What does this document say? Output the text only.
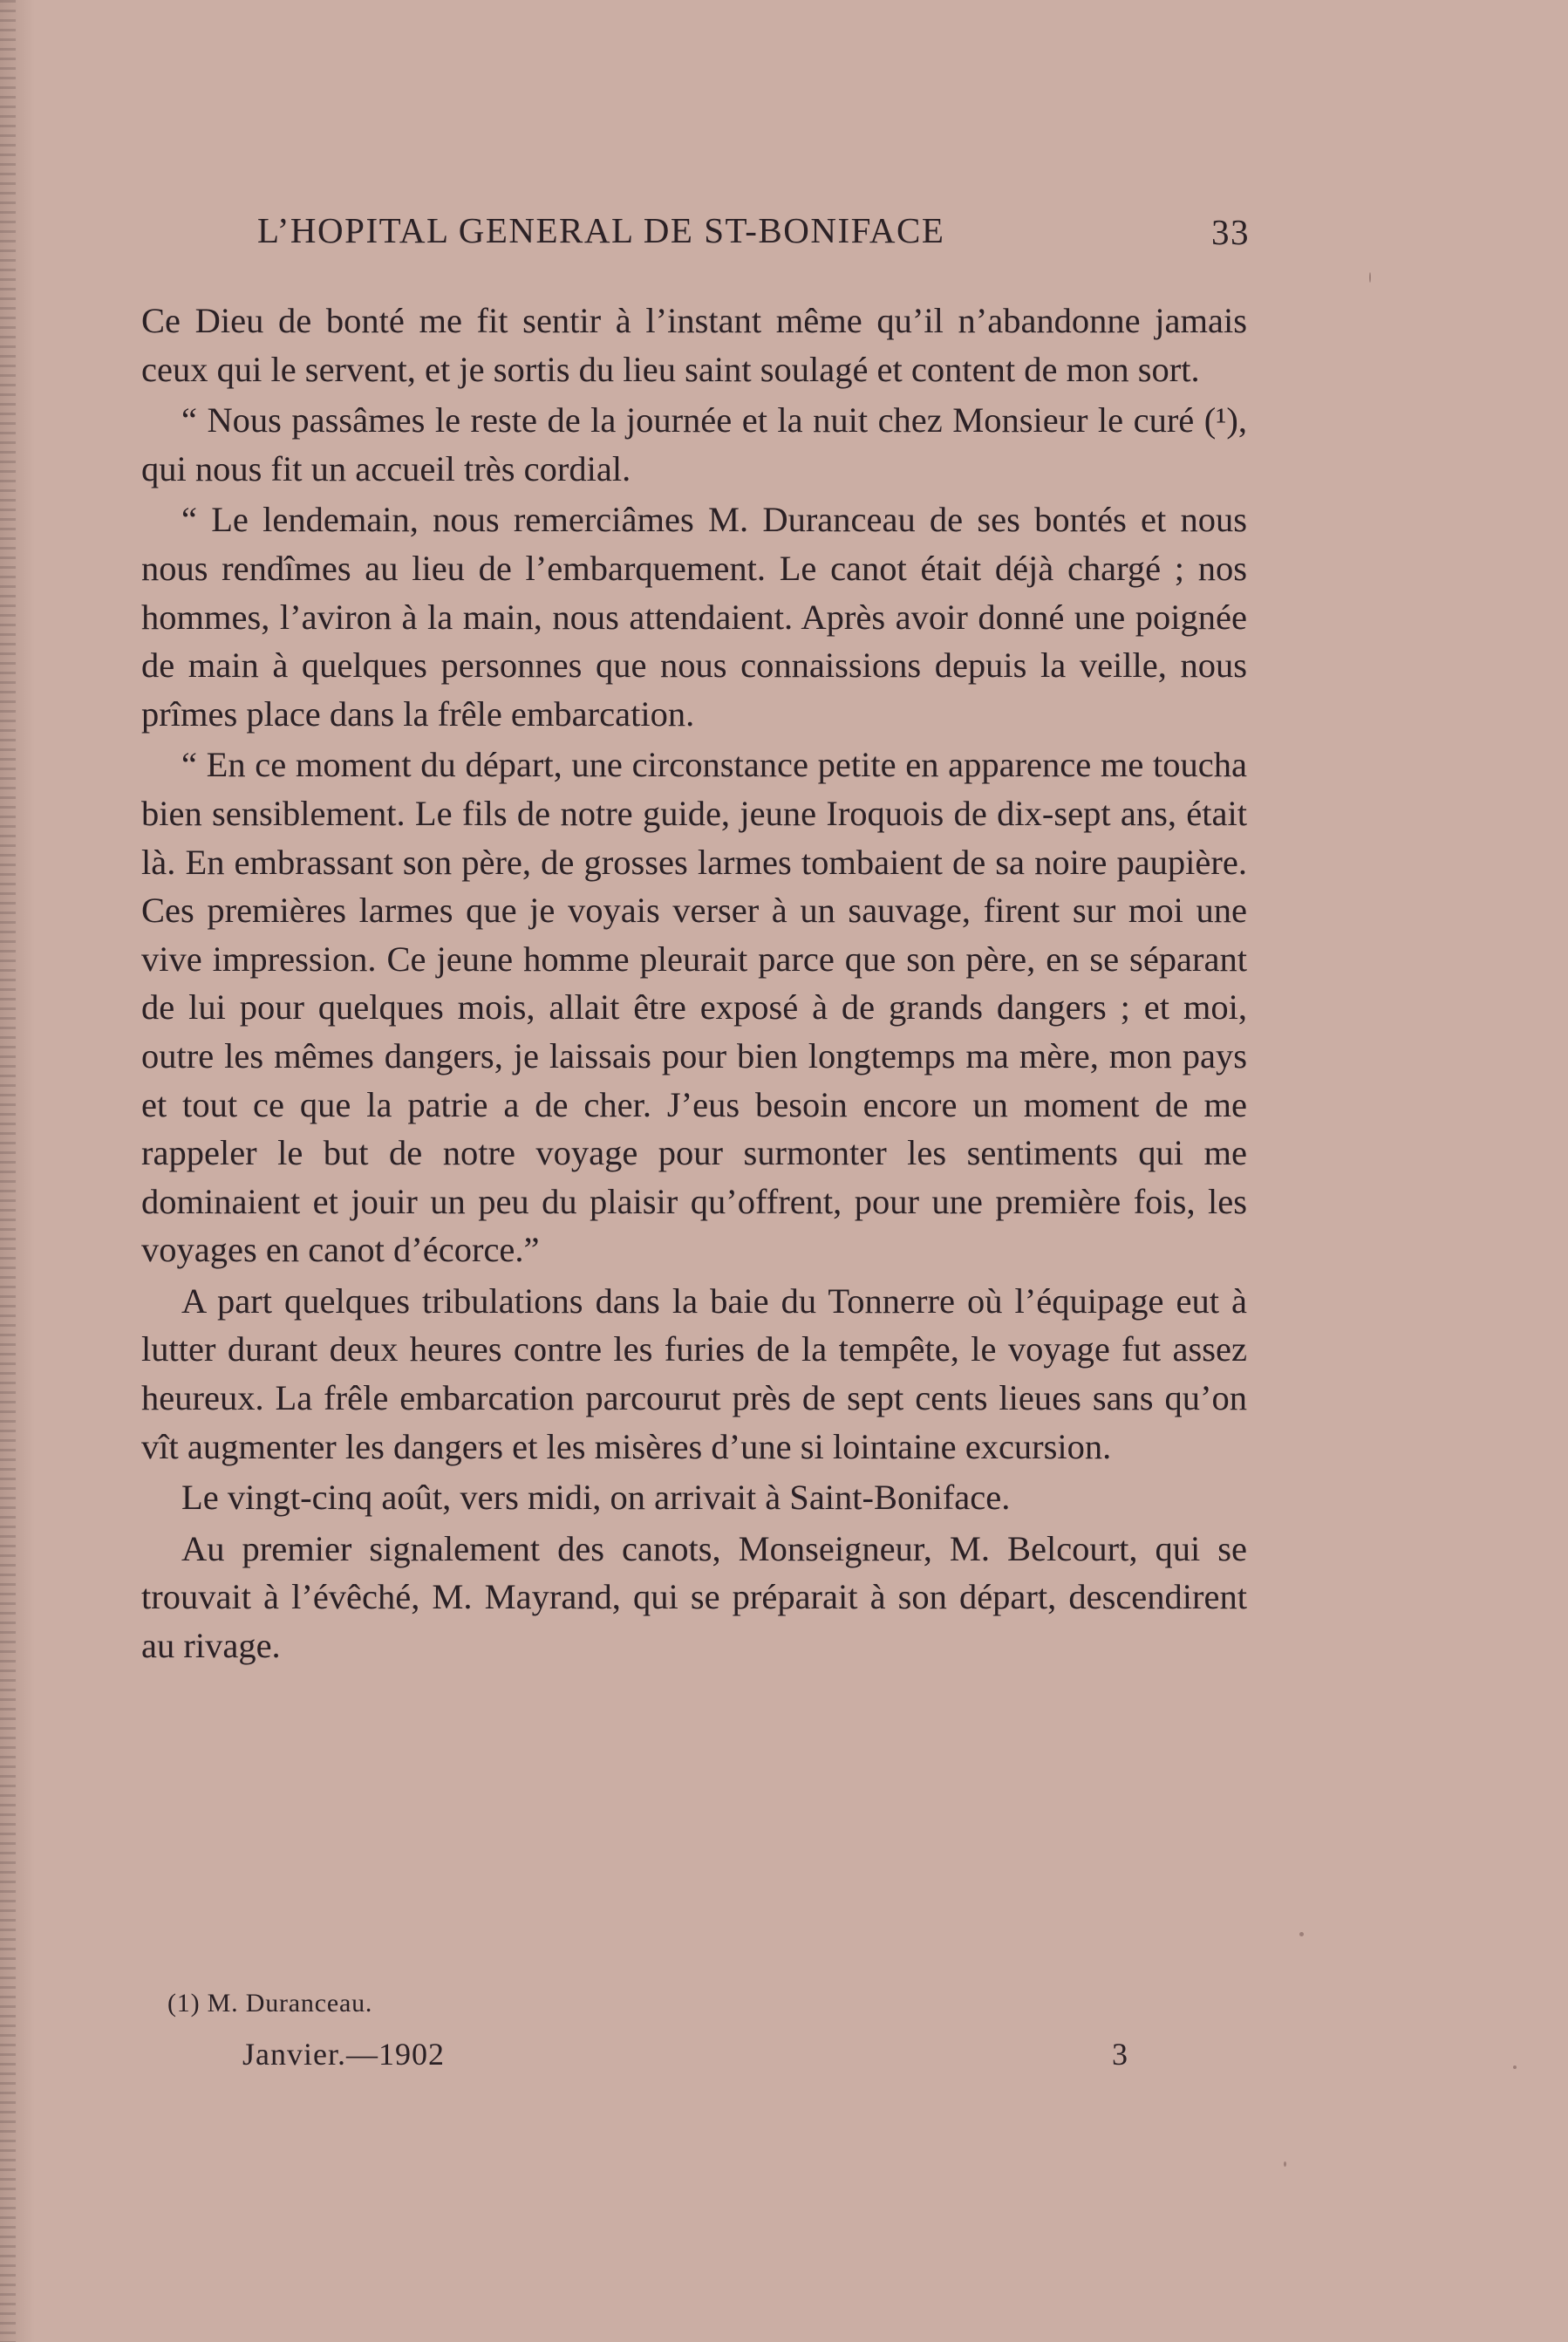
L’HOPITAL GENERAL DE ST-BONIFACE	33

Ce Dieu de bonté me fit sentir à l’instant même qu’il n’abandonne jamais ceux qui le servent, et je sortis du lieu saint soulagé et content de mon sort.

“ Nous passâmes le reste de la journée et la nuit chez Monsieur le curé (¹), qui nous fit un accueil très cordial.

“ Le lendemain, nous remerciâmes M. Duranceau de ses bontés et nous nous rendîmes au lieu de l’embarquement. Le canot était déjà chargé ; nos hommes, l’aviron à la main, nous attendaient. Après avoir donné une poignée de main à quelques personnes que nous connaissions depuis la veille, nous prîmes place dans la frêle embarcation.

“ En ce moment du départ, une circonstance petite en apparence me toucha bien sensiblement. Le fils de notre guide, jeune Iroquois de dix-sept ans, était là. En embrassant son père, de grosses larmes tombaient de sa noire paupière. Ces premières larmes que je voyais verser à un sauvage, firent sur moi une vive impression. Ce jeune homme pleurait parce que son père, en se séparant de lui pour quelques mois, allait être exposé à de grands dangers ; et moi, outre les mêmes dangers, je laissais pour bien longtemps ma mère, mon pays et tout ce que la patrie a de cher. J’eus besoin encore un moment de me rappeler le but de notre voyage pour surmonter les sentiments qui me dominaient et jouir un peu du plaisir qu’offrent, pour une première fois, les voyages en canot d’écorce.”

A part quelques tribulations dans la baie du Tonnerre où l’équipage eut à lutter durant deux heures contre les furies de la tempête, le voyage fut assez heureux. La frêle embarcation parcourut près de sept cents lieues sans qu’on vît augmenter les dangers et les misères d’une si lointaine excursion.

Le vingt-cinq août, vers midi, on arrivait à Saint-Boniface.

Au premier signalement des canots, Monseigneur, M. Belcourt, qui se trouvait à l’évêché, M. Mayrand, qui se préparait à son départ, descendirent au rivage.

(1) M. Duranceau.
Janvier.—1902	3
